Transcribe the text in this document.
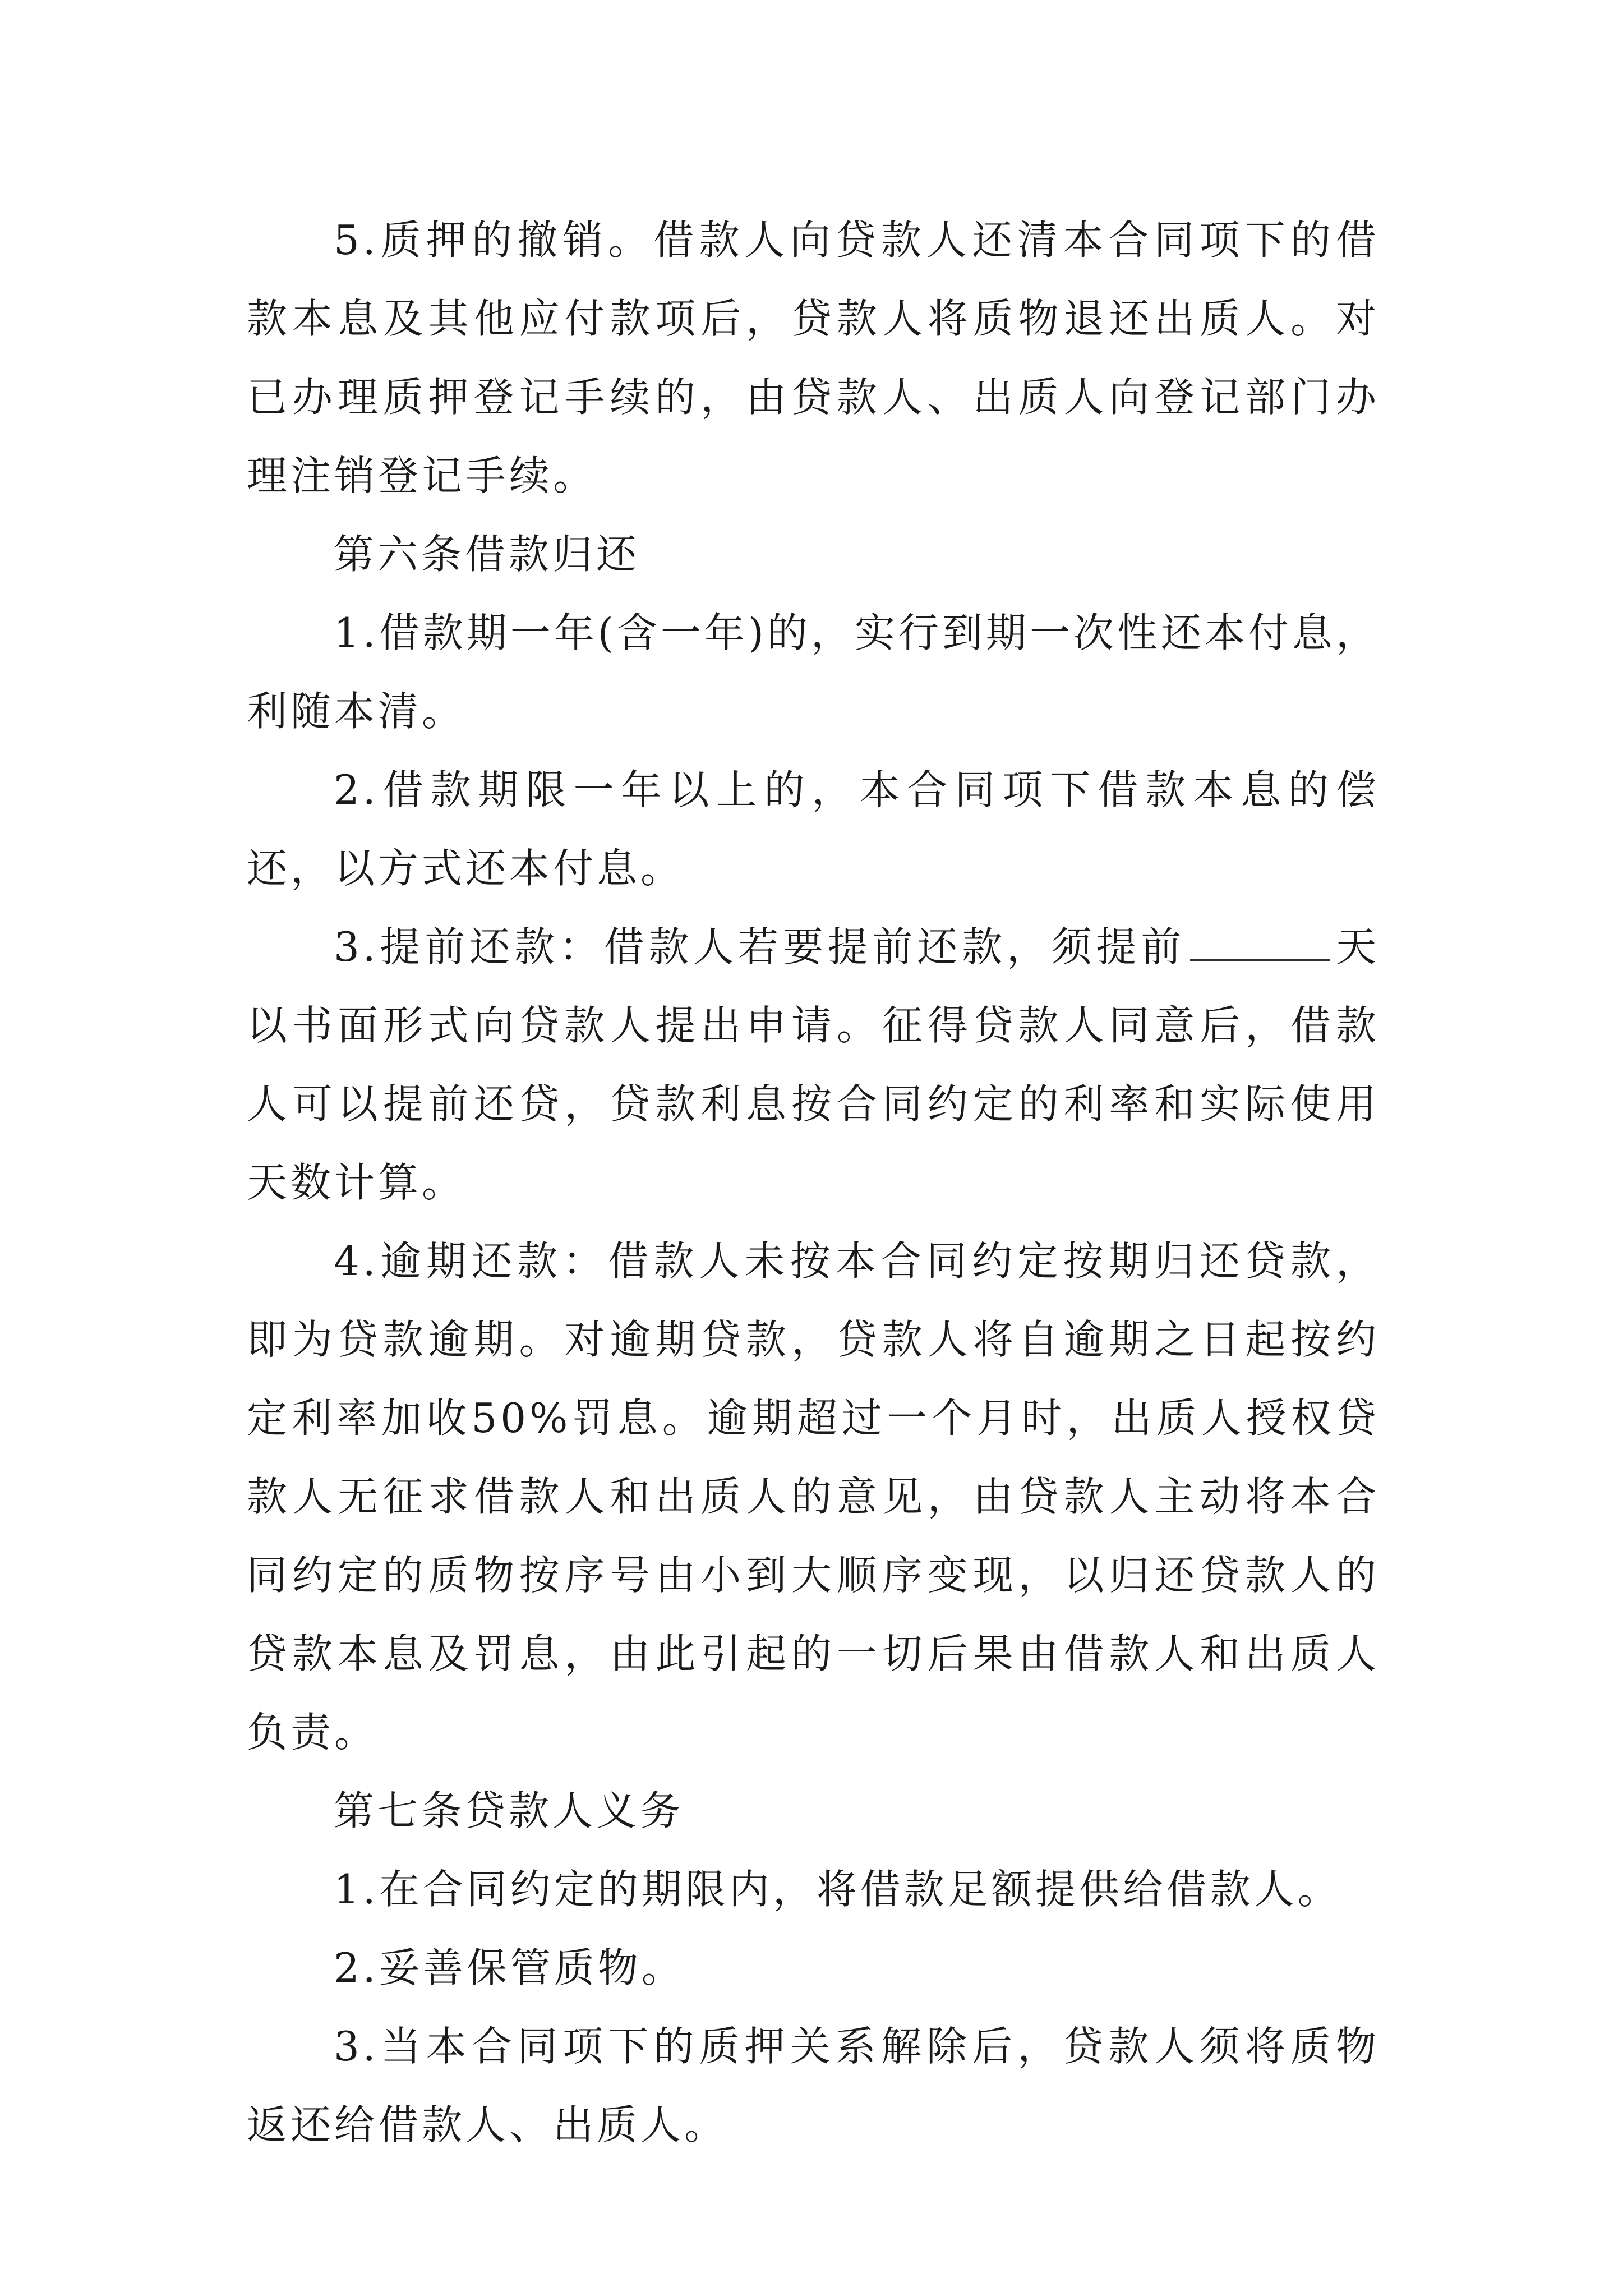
5.质押的撤销。借款人向贷款人还清本合同项下的借款本息及其他应付款项后，贷款人将质物退还出质人。对已办理质押登记手续的，由贷款人、出质人向登记部门办理注销登记手续。

第六条借款归还

1.借款期一年(含一年)的，实行到期一次性还本付息，利随本清。

2.借款期限一年以上的，本合同项下借款本息的偿还，以方式还本付息。

3.提前还款：借款人若要提前还款，须提前	天以书面形式向贷款人提出申请。征得贷款人同意后，借款人可以提前还贷，贷款利息按合同约定的利率和实际使用天数计算。

4.逾期还款：借款人未按本合同约定按期归还贷款，即为贷款逾期。对逾期贷款，贷款人将自逾期之日起按约定利率加收50%罚息。逾期超过一个月时，出质人授权贷款人无征求借款人和出质人的意见，由贷款人主动将本合同约定的质物按序号由小到大顺序变现，以归还贷款人的贷款本息及罚息，由此引起的一切后果由借款人和出质人负责。

第七条贷款人义务

1.在合同约定的期限内，将借款足额提供给借款人。

2.妥善保管质物。

3.当本合同项下的质押关系解除后，贷款人须将质物返还给借款人、出质人。
